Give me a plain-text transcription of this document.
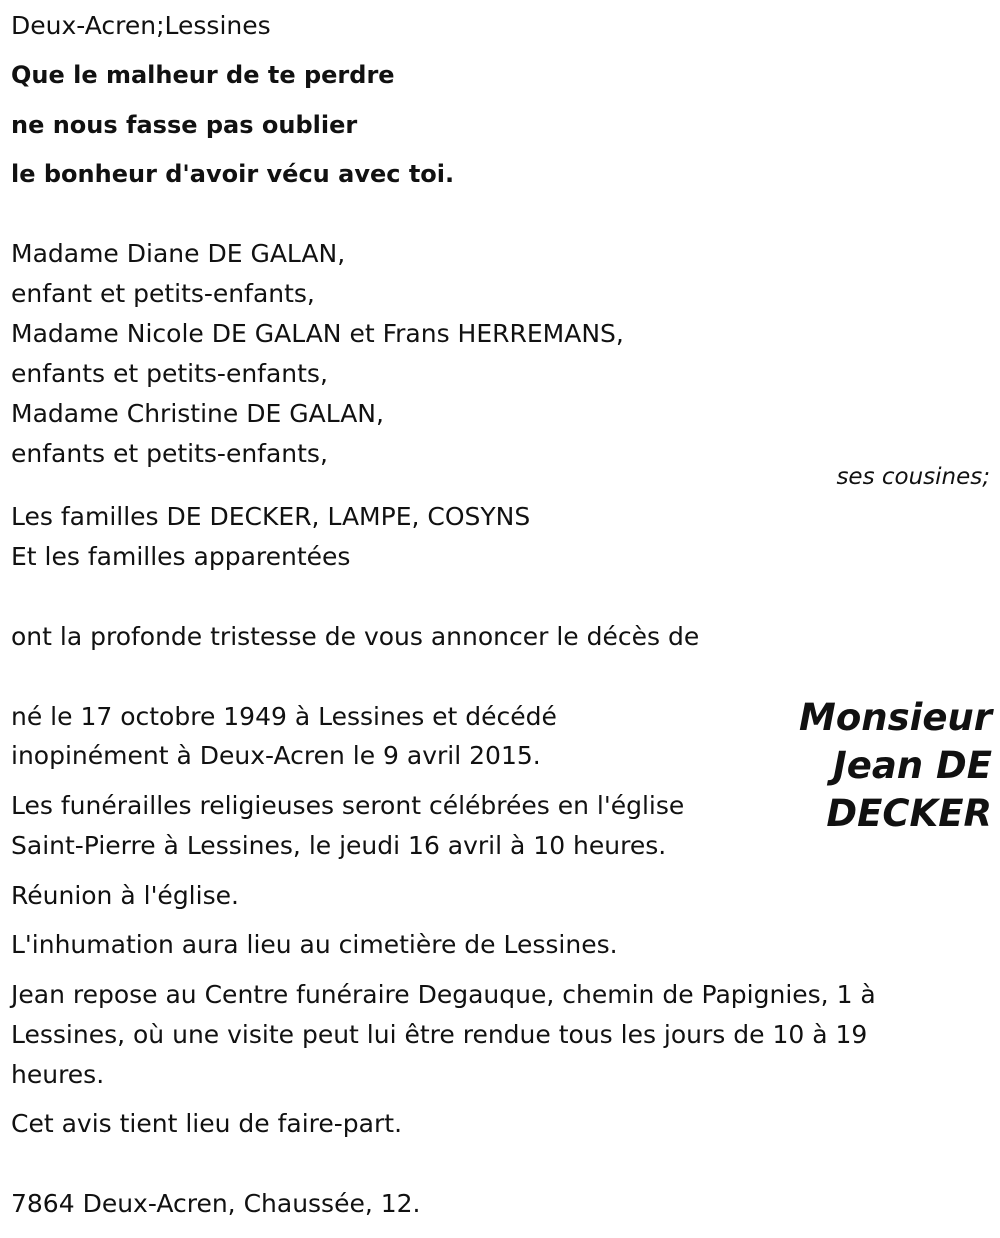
Deux-Acren;Lessines
Que le malheur de te perdre
ne nous fasse pas oublier
le bonheur d'avoir vécu avec toi.
Madame Diane DE GALAN,
enfant et petits-enfants,
Madame Nicole DE GALAN et Frans HERREMANS,
enfants et petits-enfants,
Madame Christine DE GALAN,
enfants et petits-enfants,
ses cousines;
Les familles DE DECKER, LAMPE, COSYNS
Et les familles apparentées
ont la profonde tristesse de vous annoncer le décès de
Monsieur
Jean DE
DECKER
né le 17 octobre 1949 à Lessines et décédé
inopinément à Deux-Acren le 9 avril 2015.
Les funérailles religieuses seront célébrées en l'église
Saint-Pierre à Lessines, le jeudi 16 avril à 10 heures.
Réunion à l'église.
L'inhumation aura lieu au cimetière de Lessines.
Jean repose au Centre funéraire Degauque, chemin de Papignies, 1 à
Lessines, où une visite peut lui être rendue tous les jours de 10 à 19
heures.
Cet avis tient lieu de faire-part.
7864 Deux-Acren, Chaussée, 12.
